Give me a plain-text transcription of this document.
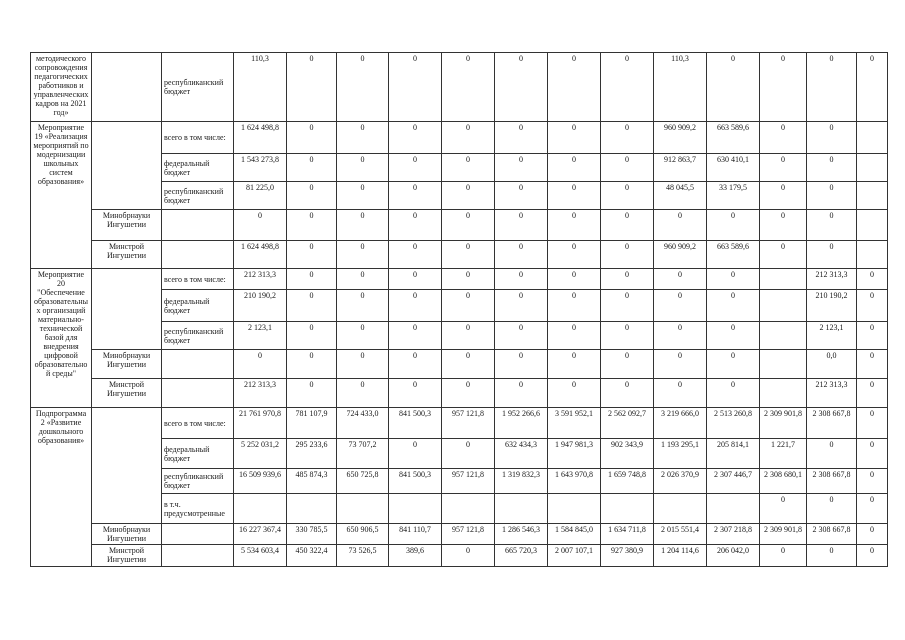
методического сопровождения педагогических работников и управленческих кадров на 2021 год»		республиканский бюджет	110,3	0	0	0	0	0	0	0	110,3	0	0	0	0
Мероприятие 19 «Реализация мероприятий по модернизации школьных систем образования»		всего в том числе:	1 624 498,8	0	0	0	0	0	0	0	960 909,2	663 589,6	0	0	
		федеральный бюджет	1 543 273,8	0	0	0	0	0	0	0	912 863,7	630 410,1	0	0	
		республиканский бюджет	81 225,0	0	0	0	0	0	0	0	48 045,5	33 179,5	0	0	
	Минобрнауки Ингушетии		0	0	0	0	0	0	0	0	0	0	0	0	
	Минстрой Ингушетии		1 624 498,8	0	0	0	0	0	0	0	960 909,2	663 589,6	0	0	
Мероприятие 20 "Обеспечение образовательных организаций материально-технической базой для внедрения цифровой образовательной среды"		всего в том числе:	212 313,3	0	0	0	0	0	0	0	0	0		212 313,3	0
		федеральный бюджет	210 190,2	0	0	0	0	0	0	0	0	0		210 190,2	0
		республиканский бюджет	2 123,1	0	0	0	0	0	0	0	0	0		2 123,1	0
	Минобрнауки Ингушетии		0	0	0	0	0	0	0	0	0	0		0,0	0
	Минстрой Ингушетии		212 313,3	0	0	0	0	0	0	0	0	0		212 313,3	0
Подпрограмма 2 «Развитие дошкольного образования»		всего в том числе:	21 761 970,8	781 107,9	724 433,0	841 500,3	957 121,8	1 952 266,6	3 591 952,1	2 562 092,7	3 219 666,0	2 513 260,8	2 309 901,8	2 308 667,8	0
		федеральный бюджет	5 252 031,2	295 233,6	73 707,2	0	0	632 434,3	1 947 981,3	902 343,9	1 193 295,1	205 814,1	1 221,7	0	0
		республиканский бюджет	16 509 939,6	485 874,3	650 725,8	841 500,3	957 121,8	1 319 832,3	1 643 970,8	1 659 748,8	2 026 370,9	2 307 446,7	2 308 680,1	2 308 667,8	0
		в т.ч. предусмотренные											0	0	0
	Минобрнауки Ингушетии		16 227 367,4	330 785,5	650 906,5	841 110,7	957 121,8	1 286 546,3	1 584 845,0	1 634 711,8	2 015 551,4	2 307 218,8	2 309 901,8	2 308 667,8	0
	Минстрой Ингушетии		5 534 603,4	450 322,4	73 526,5	389,6	0	665 720,3	2 007 107,1	927 380,9	1 204 114,6	206 042,0	0	0	0
